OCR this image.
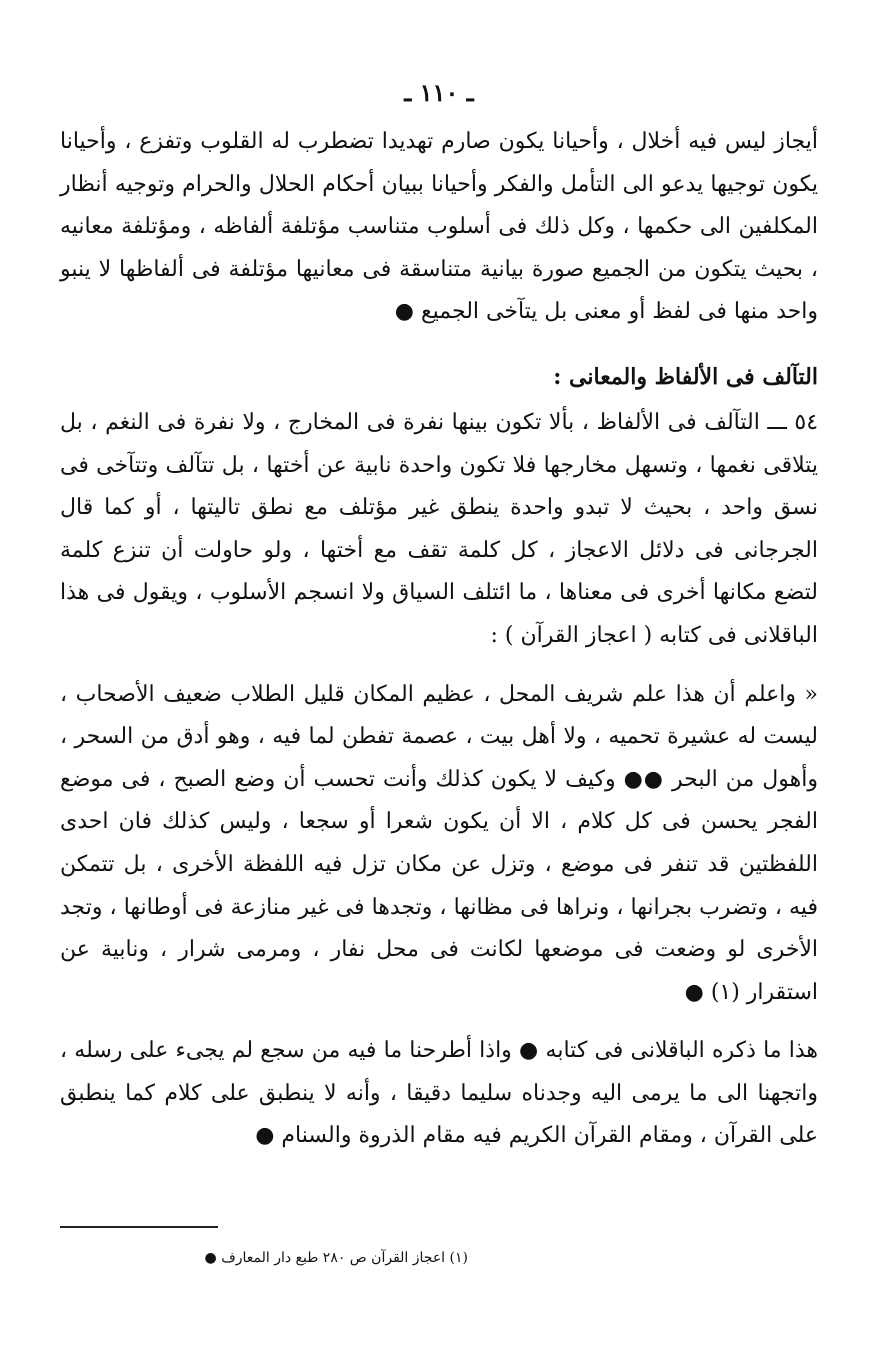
ـ ١١٠ ـ

أيجاز ليس فيه أخلال ، وأحيانا يكون صارم تهديدا تضطرب له القلوب وتفزع ، وأحيانا يكون توجيها يدعو الى التأمل والفكر وأحيانا ببيان أحكام الحلال والحرام وتوجيه أنظار المكلفين الى حكمها ، وكل ذلك فى أسلوب متناسب مؤتلفة ألفاظه ، ومؤتلفة معانيه ، بحيث يتكون من الجميع صورة بيانية متناسقة فى معانيها مؤتلفة فى ألفاظها لا ينبو واحد منها فى لفظ أو معنى بل يتآخى الجميع ●

التآلف فى الألفاظ والمعانى :

٥٤ ـــ التآلف فى الألفاظ ، بألا تكون بينها نفرة فى المخارج ، ولا نفرة فى النغم ، بل يتلاقى نغمها ، وتسهل مخارجها فلا تكون واحدة نابية عن أختها ، بل تتآلف وتتآخى فى نسق واحد ، بحيث لا تبدو واحدة ينطق غير مؤتلف مع نطق تاليتها ، أو كما قال الجرجانى فى دلائل الاعجاز ، كل كلمة تقف مع أختها ، ولو حاولت أن تنزع كلمة لتضع مكانها أخرى فى معناها ، ما ائتلف السياق ولا انسجم الأسلوب ، ويقول فى هذا الباقلانى فى كتابه ( اعجاز القرآن ) :

« واعلم أن هذا علم شريف المحل ، عظيم المكان قليل الطلاب ضعيف الأصحاب ، ليست له عشيرة تحميه ، ولا أهل بيت ، عصمة تفطن لما فيه ، وهو أدق من السحر ، وأهول من البحر ●● وكيف لا يكون كذلك وأنت تحسب أن وضع الصبح ، فى موضع الفجر يحسن فى كل كلام ، الا أن يكون شعرا أو سجعا ، وليس كذلك فان احدى اللفظتين قد تنفر فى موضع ، وتزل عن مكان تزل فيه اللفظة الأخرى ، بل تتمكن فيه ، وتضرب بجرانها ، ونراها فى مظانها ، وتجدها فى غير منازعة فى أوطانها ، وتجد الأخرى لو وضعت فى موضعها لكانت فى محل نفار ، ومرمى شرار ، ونابية عن استقرار (١) ●

هذا ما ذكره الباقلانى فى كتابه ● واذا أطرحنا ما فيه من سجع لم يجىء على رسله ، واتجهنا الى ما يرمى اليه وجدناه سليما دقيقا ، وأنه لا ينطبق على كلام كما ينطبق على القرآن ، ومقام القرآن الكريم فيه مقام الذروة والسنام ●

(١) اعجاز القرآن ص ٢٨٠ طبع دار المعارف ●
